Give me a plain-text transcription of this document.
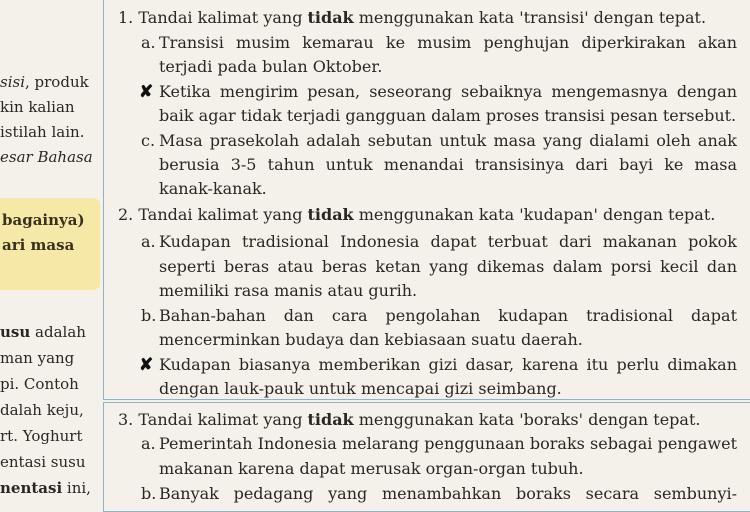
sisi, produk
kin kalian
istilah lain.
esar Bahasa
bagainya)
ari masa
usu adalah
man yang
pi. Contoh
dalah keju,
rt. Yoghurt
entasi susu
nentasi ini,
1. Tandai kalimat yang tidak menggunakan kata 'transisi' dengan tepat.
a. Transisi musim kemarau ke musim penghujan diperkirakan akan
terjadi pada bulan Oktober.
✘ Ketika mengirim pesan, seseorang sebaiknya mengemasnya dengan
baik agar tidak terjadi gangguan dalam proses transisi pesan tersebut.
c. Masa prasekolah adalah sebutan untuk masa yang dialami oleh anak
berusia 3-5 tahun untuk menandai transisinya dari bayi ke masa
kanak-kanak.
2. Tandai kalimat yang tidak menggunakan kata 'kudapan' dengan tepat.
a. Kudapan tradisional Indonesia dapat terbuat dari makanan pokok
seperti beras atau beras ketan yang dikemas dalam porsi kecil dan
memiliki rasa manis atau gurih.
b. Bahan-bahan dan cara pengolahan kudapan tradisional dapat
mencerminkan budaya dan kebiasaan suatu daerah.
✘ Kudapan biasanya memberikan gizi dasar, karena itu perlu dimakan
dengan lauk-pauk untuk mencapai gizi seimbang.
3. Tandai kalimat yang tidak menggunakan kata 'boraks' dengan tepat.
a. Pemerintah Indonesia melarang penggunaan boraks sebagai pengawet
makanan karena dapat merusak organ-organ tubuh.
b. Banyak pedagang yang menambahkan boraks secara sembunyi-
